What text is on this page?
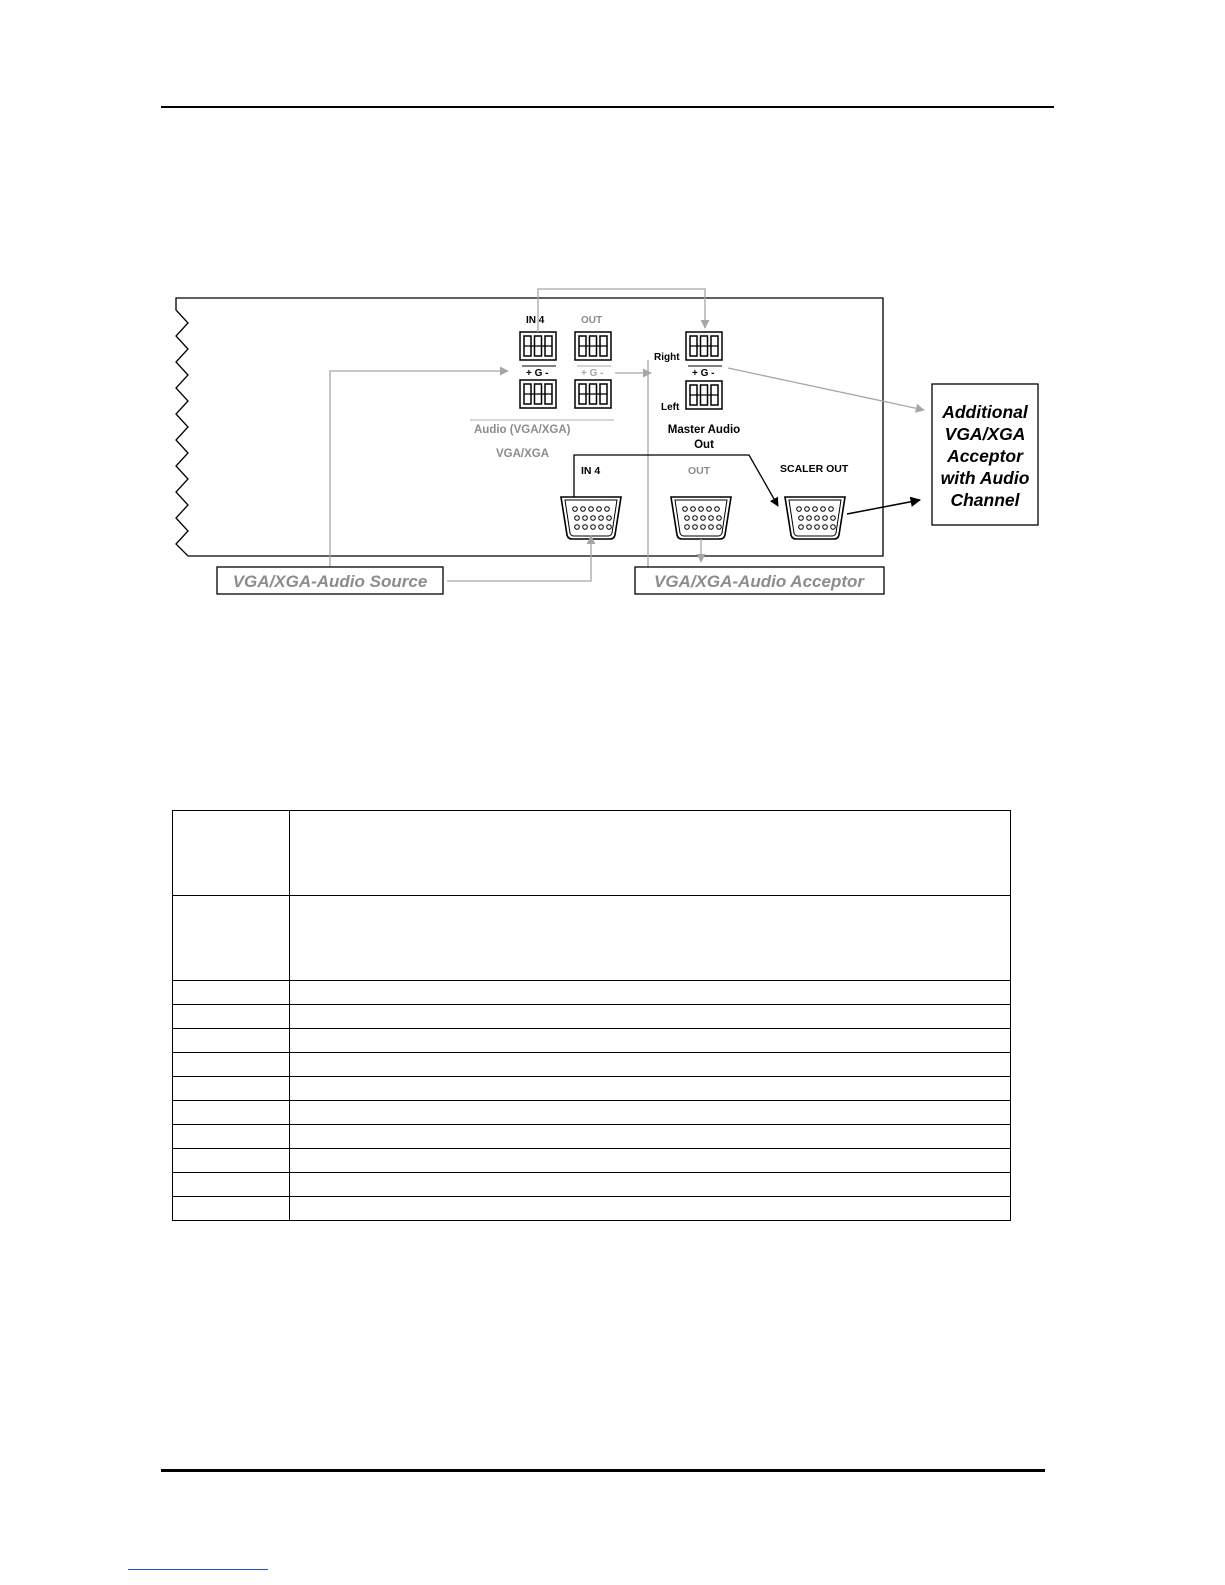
IN 4	OUT
+ G -	+ G -
Audio (VGA/XGA)
VGA/XGA
Right
+ G -
Left
Master Audio
Out
IN 4	OUT	SCALER OUT
VGA/XGA-Audio Source	VGA/XGA-Audio Acceptor
Additional
VGA/XGA
Acceptor
with Audio
Channel
